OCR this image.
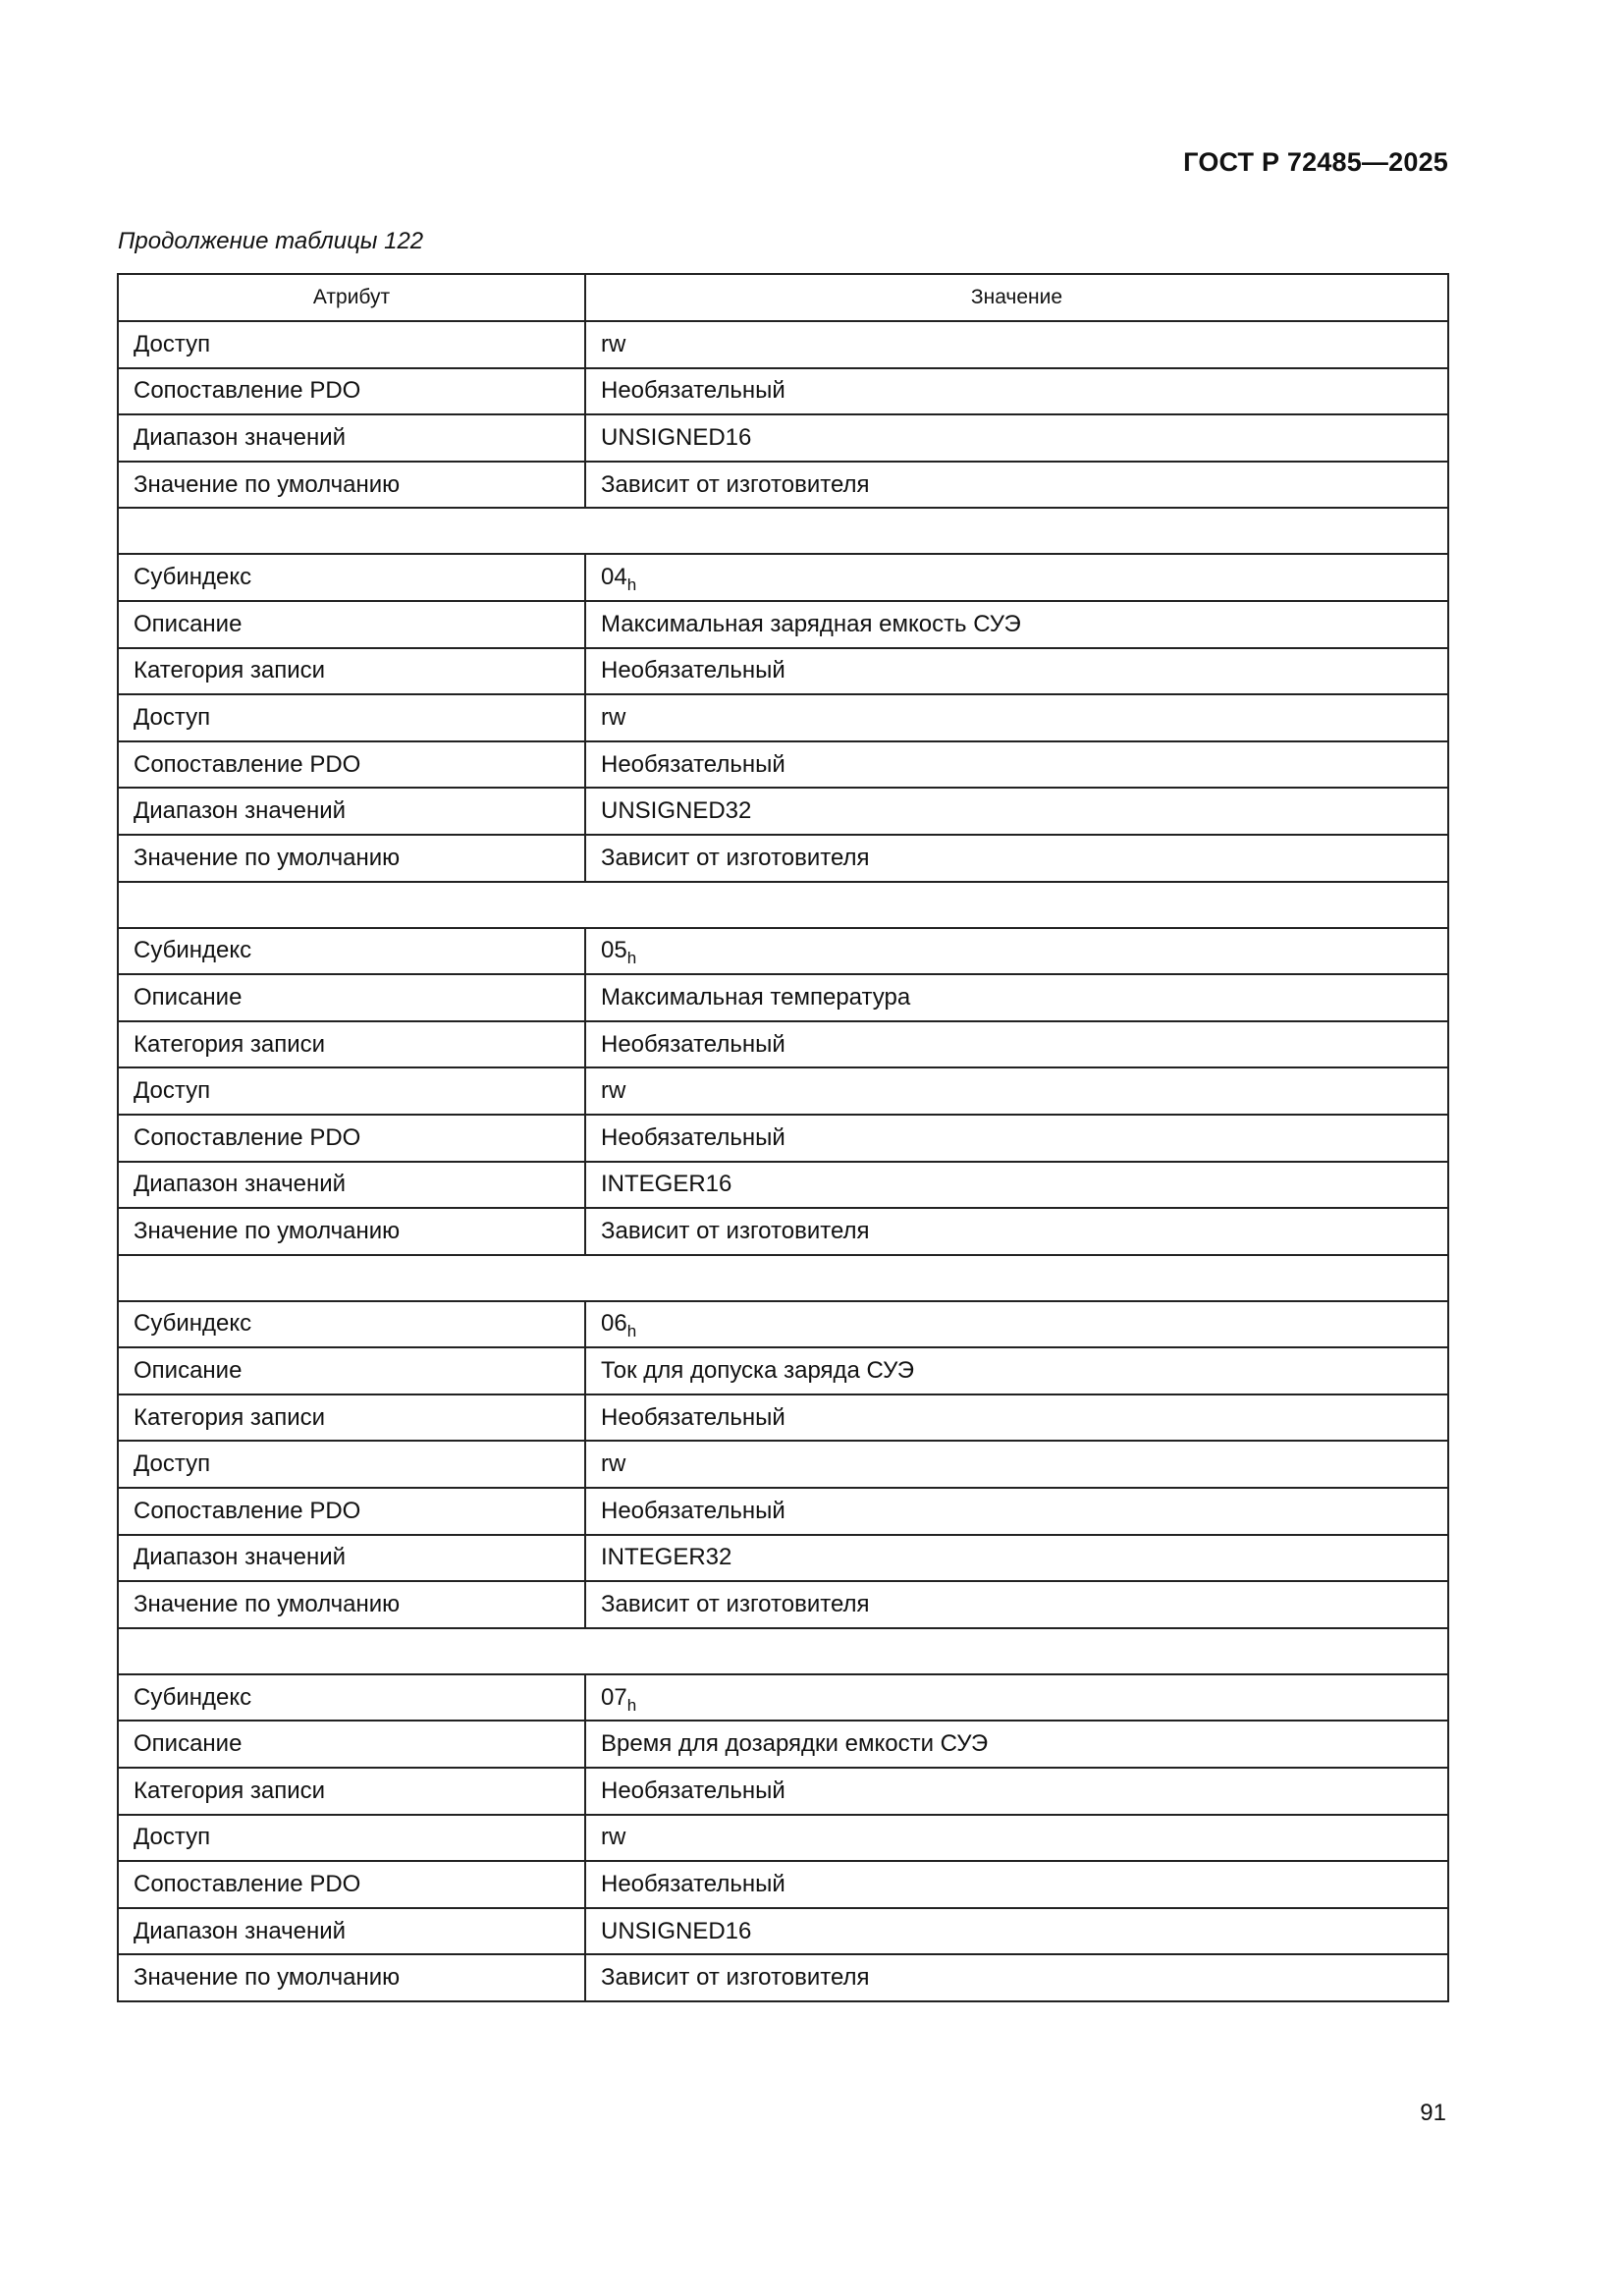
ГОСТ Р 72485—2025
Продолжение таблицы 122
Атрибут	Значение
Доступ	rw
Сопоставление PDO	Необязательный
Диапазон значений	UNSIGNED16
Значение по умолчанию	Зависит от изготовителя

Субиндекс	$04_h$
Описание	Максимальная зарядная емкость СУЭ
Категория записи	Необязательный
Доступ	rw
Сопоставление PDO	Необязательный
Диапазон значений	UNSIGNED32
Значение по умолчанию	Зависит от изготовителя

Субиндекс	$05_h$
Описание	Максимальная температура
Категория записи	Необязательный
Доступ	rw
Сопоставление PDO	Необязательный
Диапазон значений	INTEGER16
Значение по умолчанию	Зависит от изготовителя

Субиндекс	$06_h$
Описание	Ток для допуска заряда СУЭ
Категория записи	Необязательный
Доступ	rw
Сопоставление PDO	Необязательный
Диапазон значений	INTEGER32
Значение по умолчанию	Зависит от изготовителя

Субиндекс	$07_h$
Описание	Время для дозарядки емкости СУЭ
Категория записи	Необязательный
Доступ	rw
Сопоставление PDO	Необязательный
Диапазон значений	UNSIGNED16
Значение по умолчанию	Зависит от изготовителя
91
